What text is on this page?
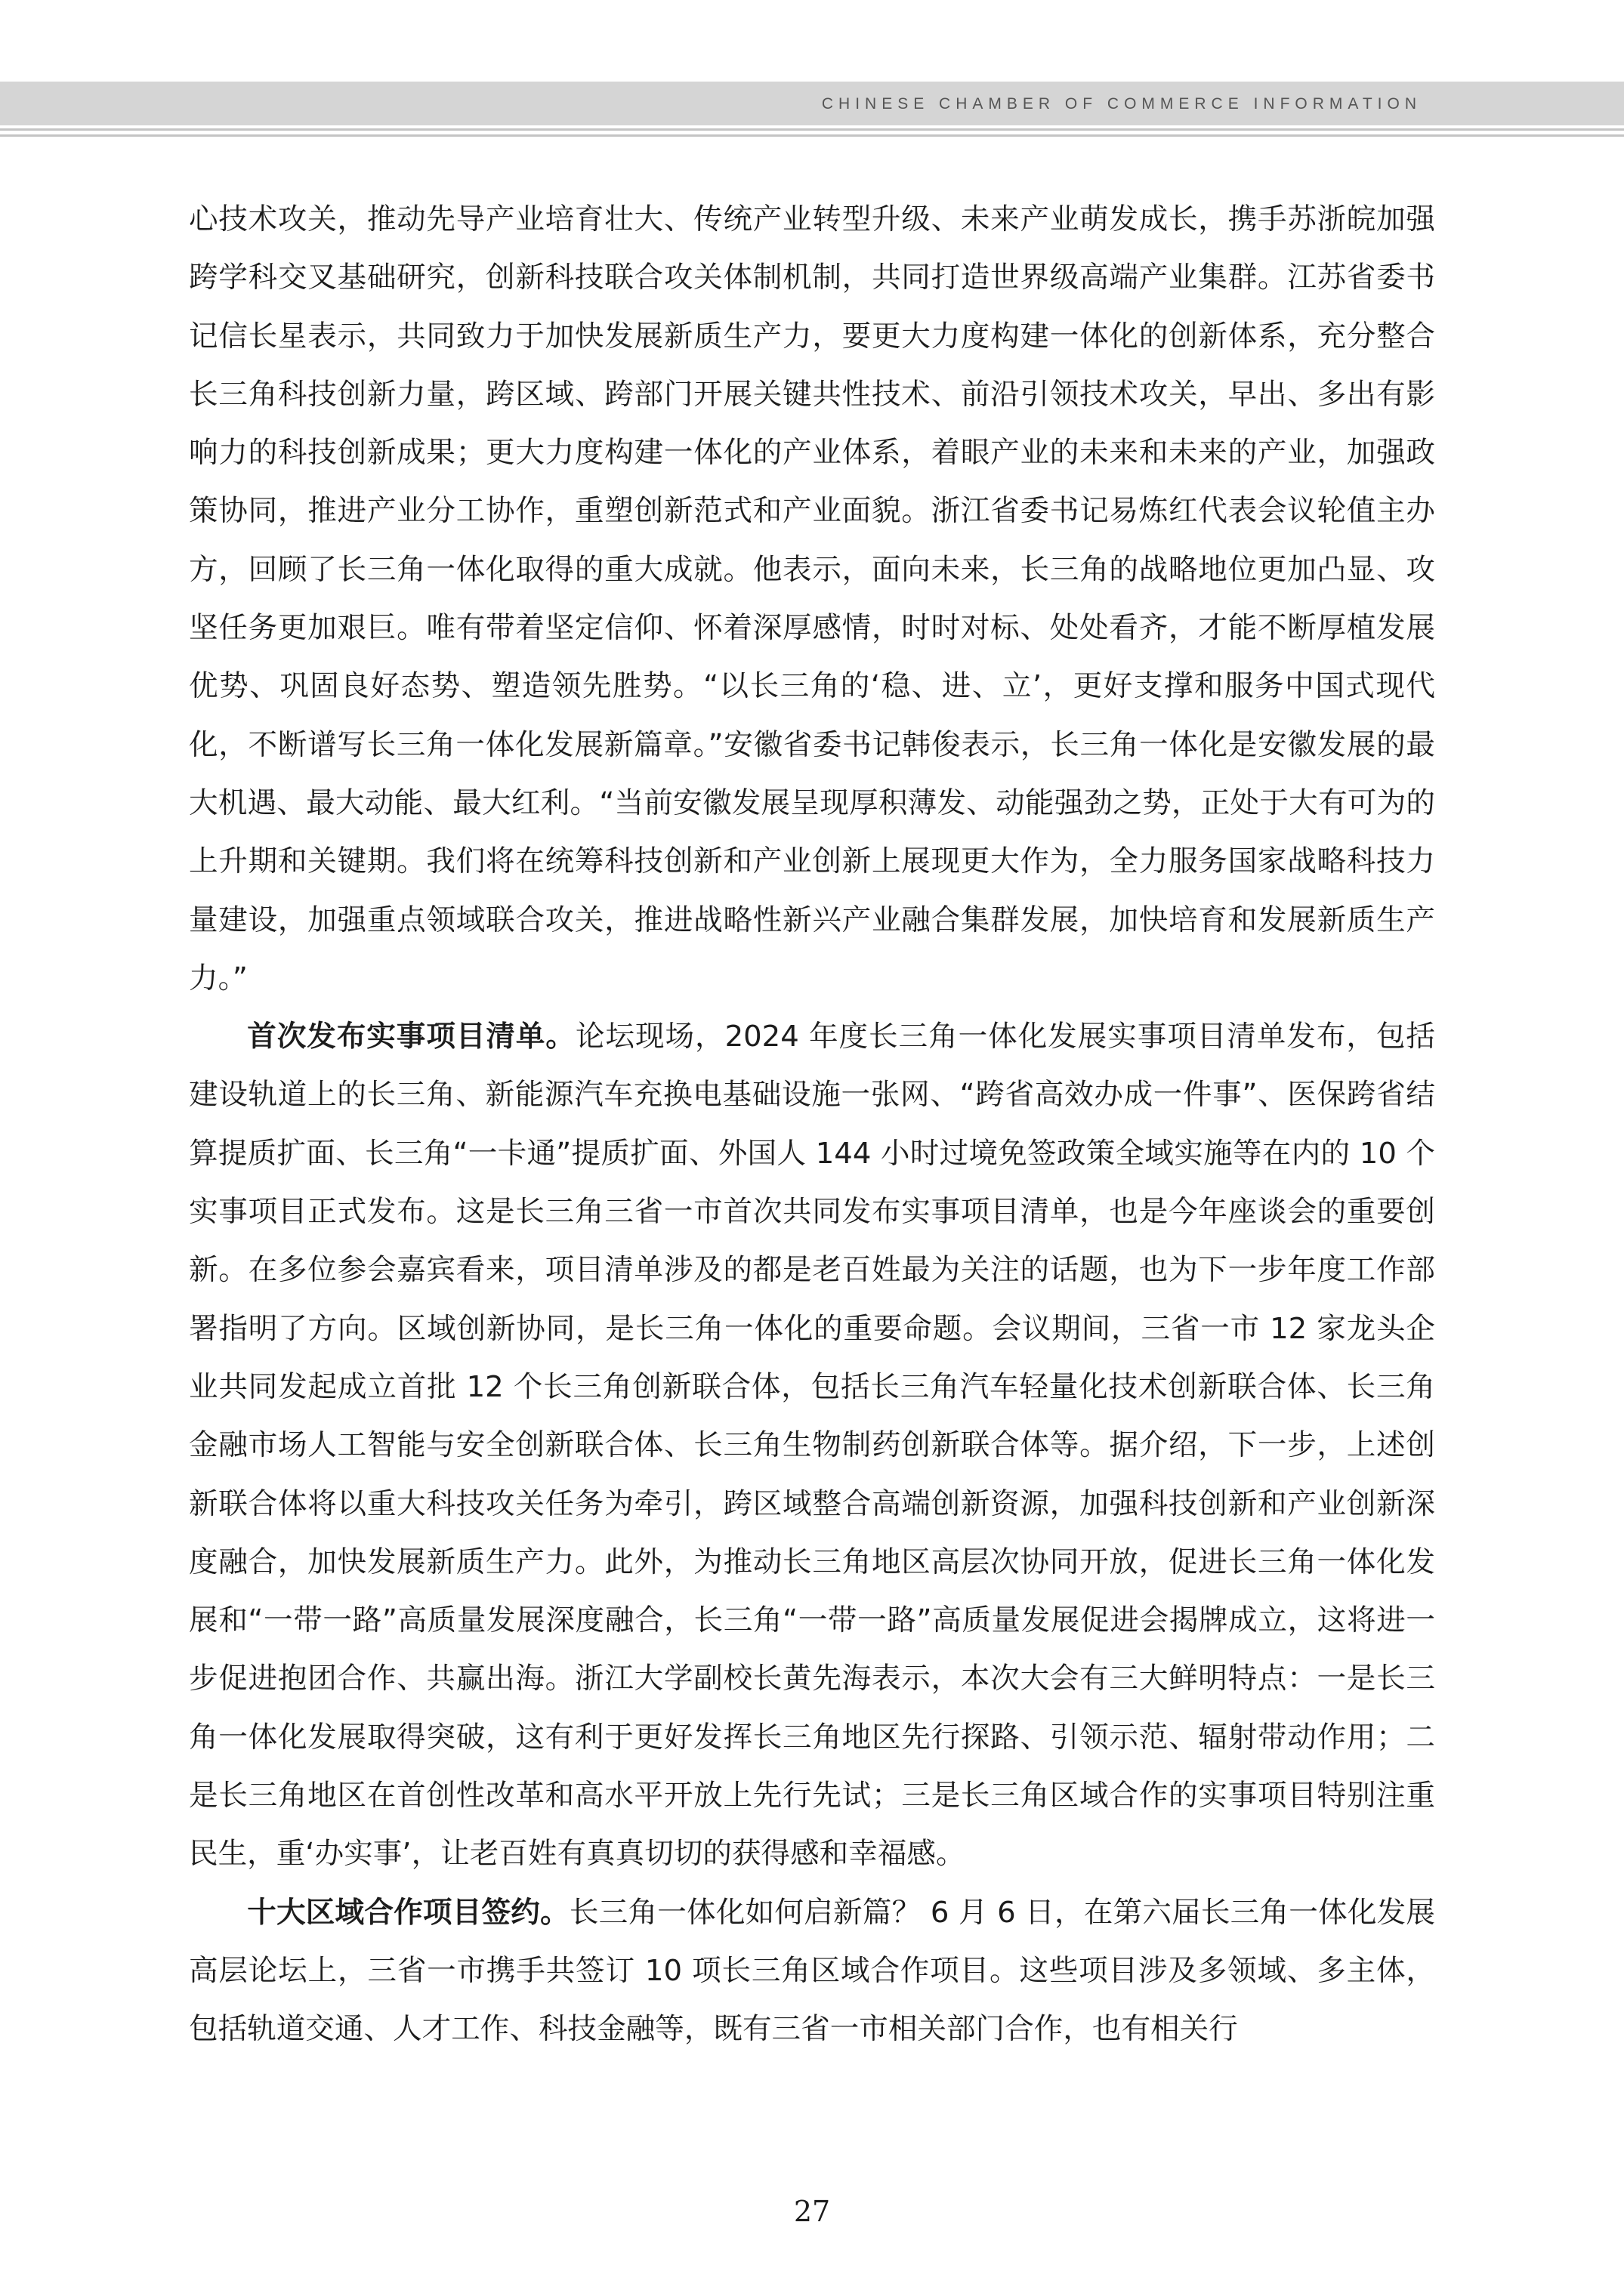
CHINESE CHAMBER OF COMMERCE INFORMATION

心技术攻关，推动先导产业培育壮大、传统产业转型升级、未来产业萌发成长，携手苏浙皖加强跨学科交叉基础研究，创新科技联合攻关体制机制，共同打造世界级高端产业集群。江苏省委书记信长星表示，共同致力于加快发展新质生产力，要更大力度构建一体化的创新体系，充分整合长三角科技创新力量，跨区域、跨部门开展关键共性技术、前沿引领技术攻关，早出、多出有影响力的科技创新成果；更大力度构建一体化的产业体系，着眼产业的未来和未来的产业，加强政策协同，推进产业分工协作，重塑创新范式和产业面貌。浙江省委书记易炼红代表会议轮值主办方，回顾了长三角一体化取得的重大成就。他表示，面向未来，长三角的战略地位更加凸显、攻坚任务更加艰巨。唯有带着坚定信仰、怀着深厚感情，时时对标、处处看齐，才能不断厚植发展优势、巩固良好态势、塑造领先胜势。“以长三角的‘稳、进、立’，更好支撑和服务中国式现代化，不断谱写长三角一体化发展新篇章。”安徽省委书记韩俊表示，长三角一体化是安徽发展的最大机遇、最大动能、最大红利。“当前安徽发展呈现厚积薄发、动能强劲之势，正处于大有可为的上升期和关键期。我们将在统筹科技创新和产业创新上展现更大作为，全力服务国家战略科技力量建设，加强重点领域联合攻关，推进战略性新兴产业融合集群发展，加快培育和发展新质生产力。”

首次发布实事项目清单。论坛现场，2024 年度长三角一体化发展实事项目清单发布，包括建设轨道上的长三角、新能源汽车充换电基础设施一张网、“跨省高效办成一件事”、医保跨省结算提质扩面、长三角“一卡通”提质扩面、外国人 144 小时过境免签政策全域实施等在内的 10 个实事项目正式发布。这是长三角三省一市首次共同发布实事项目清单，也是今年座谈会的重要创新。在多位参会嘉宾看来，项目清单涉及的都是老百姓最为关注的话题，也为下一步年度工作部署指明了方向。区域创新协同，是长三角一体化的重要命题。会议期间，三省一市 12 家龙头企业共同发起成立首批 12 个长三角创新联合体，包括长三角汽车轻量化技术创新联合体、长三角金融市场人工智能与安全创新联合体、长三角生物制药创新联合体等。据介绍，下一步，上述创新联合体将以重大科技攻关任务为牵引，跨区域整合高端创新资源，加强科技创新和产业创新深度融合，加快发展新质生产力。此外，为推动长三角地区高层次协同开放，促进长三角一体化发展和“一带一路”高质量发展深度融合，长三角“一带一路”高质量发展促进会揭牌成立，这将进一步促进抱团合作、共赢出海。浙江大学副校长黄先海表示，本次大会有三大鲜明特点：一是长三角一体化发展取得突破，这有利于更好发挥长三角地区先行探路、引领示范、辐射带动作用；二是长三角地区在首创性改革和高水平开放上先行先试；三是长三角区域合作的实事项目特别注重民生，重‘办实事’，让老百姓有真真切切的获得感和幸福感。

十大区域合作项目签约。长三角一体化如何启新篇？ 6 月 6 日，在第六届长三角一体化发展高层论坛上，三省一市携手共签订 10 项长三角区域合作项目。这些项目涉及多领域、多主体，包括轨道交通、人才工作、科技金融等，既有三省一市相关部门合作，也有相关行

27
